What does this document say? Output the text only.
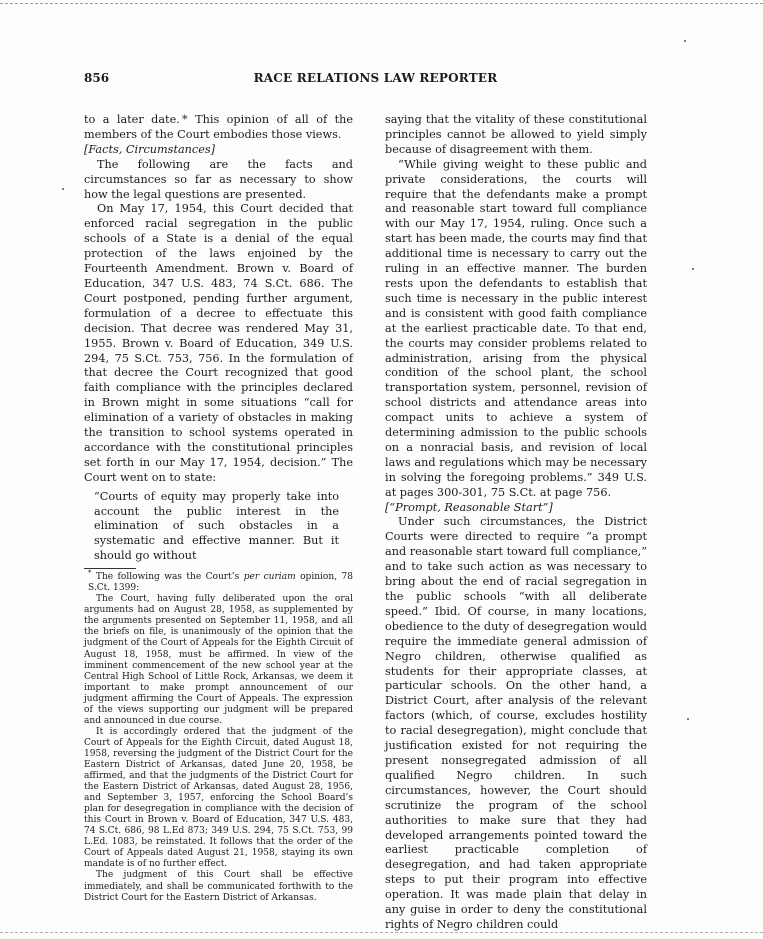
856	RACE RELATIONS LAW REPORTER

to a later date. * This opinion of all of the members of the Court embodies those views.

[Facts, Circumstances]

The following are the facts and circumstances so far as necessary to show how the legal questions are presented.

On May 17, 1954, this Court decided that enforced racial segregation in the public schools of a State is a denial of the equal protection of the laws enjoined by the Fourteenth Amendment. Brown v. Board of Education, 347 U.S. 483, 74 S.Ct. 686. The Court postponed, pending further argument, formulation of a decree to effectuate this decision. That decree was rendered May 31, 1955. Brown v. Board of Education, 349 U.S. 294, 75 S.Ct. 753, 756. In the formulation of that decree the Court recognized that good faith compliance with the principles declared in Brown might in some situations “call for elimination of a variety of obstacles in making the transition to school systems operated in accordance with the constitutional principles set forth in our May 17, 1954, decision.” The Court went on to state:

“Courts of equity may properly take into account the public interest in the elimination of such obstacles in a systematic and effective manner. But it should go without

* The following was the Court’s per curiam opinion, 78 S.Ct. 1399:

The Court, having fully deliberated upon the oral arguments had on August 28, 1958, as supplemented by the arguments presented on September 11, 1958, and all the briefs on file, is unanimously of the opinion that the judgment of the Court of Appeals for the Eighth Circuit of August 18, 1958, must be affirmed. In view of the imminent commencement of the new school year at the Central High School of Little Rock, Arkansas, we deem it important to make prompt announcement of our judgment affirming the Court of Appeals. The expression of the views supporting our judgment will be prepared and announced in due course.

It is accordingly ordered that the judgment of the Court of Appeals for the Eighth Circuit, dated August 18, 1958, reversing the judgment of the District Court for the Eastern District of Arkansas, dated June 20, 1958, be affirmed, and that the judgments of the District Court for the Eastern District of Arkansas, dated August 28, 1956, and September 3, 1957, enforcing the School Board’s plan for desegregation in compliance with the decision of this Court in Brown v. Board of Education, 347 U.S. 483, 74 S.Ct. 686, 98 L.Ed 873; 349 U.S. 294, 75 S.Ct. 753, 99 L.Ed. 1083, be reinstated. It follows that the order of the Court of Appeals dated August 21, 1958, staying its own mandate is of no further effect.

The judgment of this Court shall be effective immediately, and shall be communicated forthwith to the District Court for the Eastern District of Arkansas.

saying that the vitality of these constitutional principles cannot be allowed to yield simply because of disagreement with them.

“While giving weight to these public and private considerations, the courts will require that the defendants make a prompt and reasonable start toward full compliance with our May 17, 1954, ruling. Once such a start has been made, the courts may find that additional time is necessary to carry out the ruling in an effective manner. The burden rests upon the defendants to establish that such time is necessary in the public interest and is consistent with good faith compliance at the earliest practicable date. To that end, the courts may consider problems related to administration, arising from the physical condition of the school plant, the school transportation system, personnel, revision of school districts and attendance areas into compact units to achieve a system of determining admission to the public schools on a nonracial basis, and revision of local laws and regulations which may be necessary in solving the foregoing problems.” 349 U.S. at pages 300-301, 75 S.Ct. at page 756.

[“Prompt, Reasonable Start”]

Under such circumstances, the District Courts were directed to require “a prompt and reasonable start toward full compliance,” and to take such action as was necessary to bring about the end of racial segregation in the public schools “with all deliberate speed.” Ibid. Of course, in many locations, obedience to the duty of desegregation would require the immediate general admission of Negro children, otherwise qualified as students for their appropriate classes, at particular schools. On the other hand, a District Court, after analysis of the relevant factors (which, of course, excludes hostility to racial desegregation), might conclude that justification existed for not requiring the present nonsegregated admission of all qualified Negro children. In such circumstances, however, the Court should scrutinize the program of the school authorities to make sure that they had developed arrangements pointed toward the earliest practicable completion of desegregation, and had taken appropriate steps to put their program into effective operation. It was made plain that delay in any guise in order to deny the constitutional rights of Negro children could
